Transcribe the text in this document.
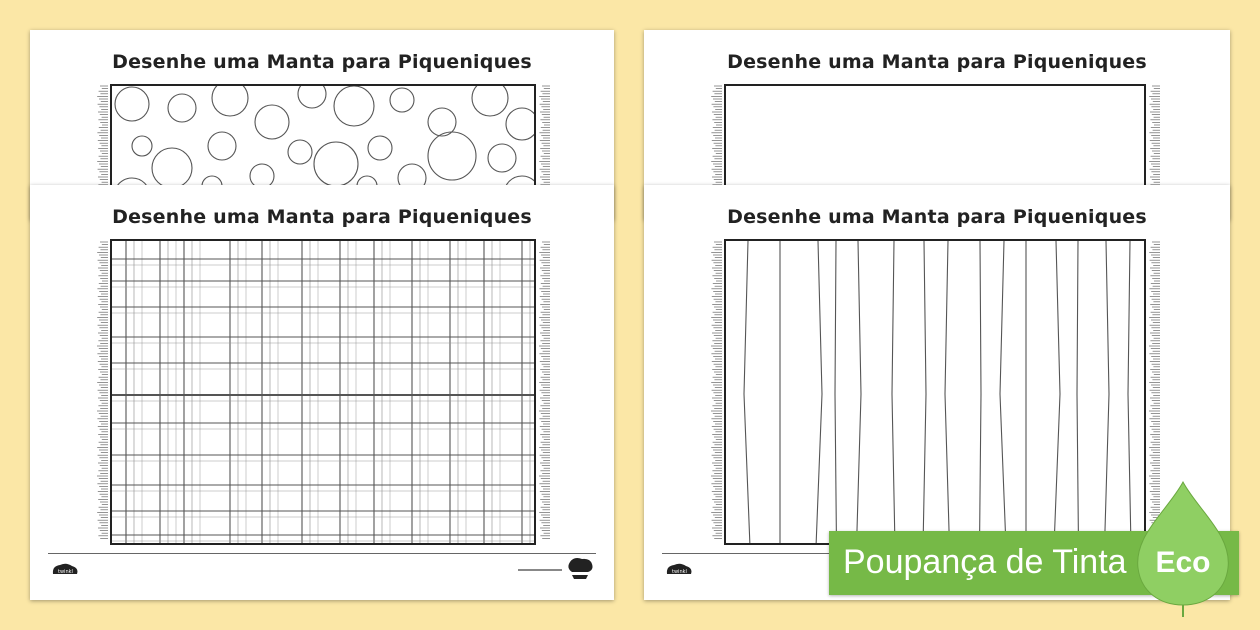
Desenhe uma Manta para Piqueniques	Desenhe uma Manta para Piqueniques
Desenhe uma Manta para Piqueniques
twinkl
Desenhe uma Manta para Piqueniques
twinkl	Poupança de Tinta Eco
